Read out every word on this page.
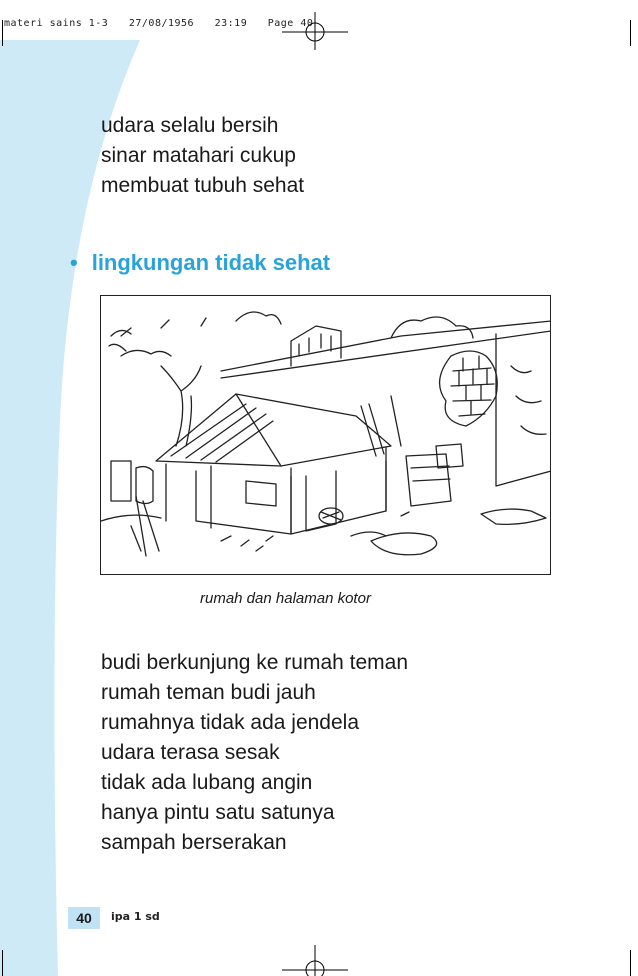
materi sains 1-3 27/08/1956 23:19 Page 40
udara selalu bersih
sinar matahari cukup
membuat tubuh sehat
• lingkungan tidak sehat
rumah dan halaman kotor
budi berkunjung ke rumah teman
rumah teman budi jauh
rumahnya tidak ada jendela
udara terasa sesak
tidak ada lubang angin
hanya pintu satu satunya
sampah berserakan
40	ipa 1 sd
